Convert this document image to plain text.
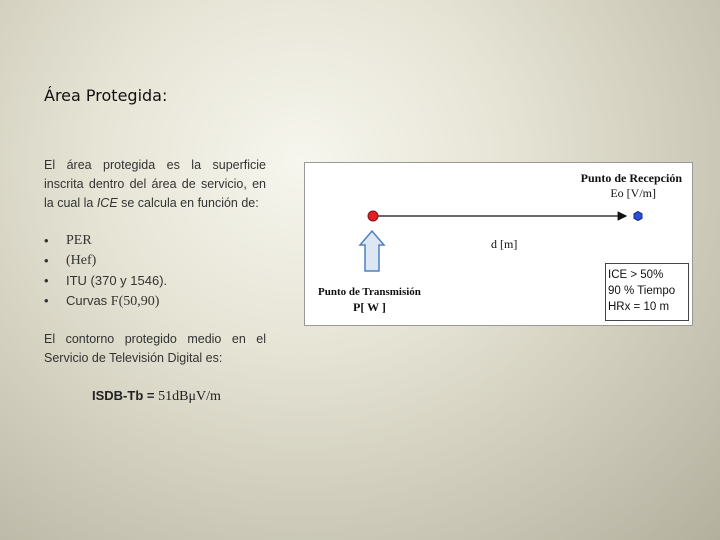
Área Protegida:
El área protegida es la superficie inscrita dentro del área de servicio, en la cual la ICE se calcula en función de:
•	PER
•	(Hef)
•	ITU (370 y 1546).
•	Curvas F(50,90)
El contorno protegido medio en el Servicio de Televisión Digital es:
ISDB-Tb = 51dBμV/m
Punto de Recepción
Eo [V/m]
d [m]
Punto de Transmisión
P[ W ]
ICE > 50%
90 % Tiempo
HRx = 10 m
